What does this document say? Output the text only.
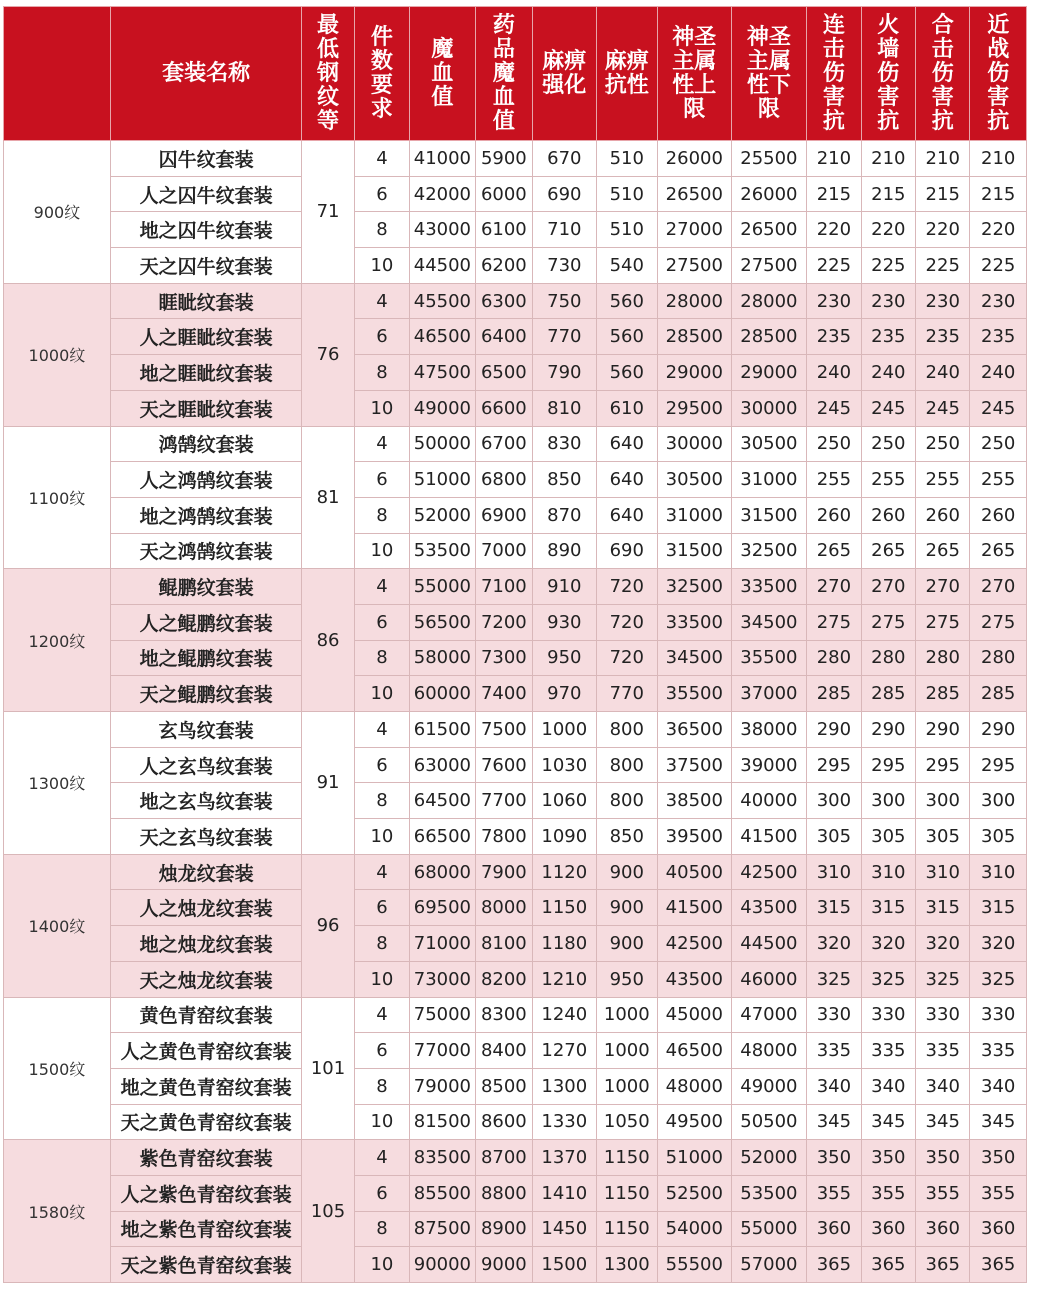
	套装名称	最低钢纹等	件数要求	魔血值	药品魔血值	麻痹强化	麻痹抗性	神圣主属性上限	神圣主属性下限	连击伤害抗	火墙伤害抗	合击伤害抗	近战伤害抗
900纹	囚牛纹套装	71	4	41000	5900	670	510	26000	25500	210	210	210	210
	人之囚牛纹套装		6	42000	6000	690	510	26500	26000	215	215	215	215
	地之囚牛纹套装		8	43000	6100	710	510	27000	26500	220	220	220	220
	天之囚牛纹套装		10	44500	6200	730	540	27500	27500	225	225	225	225
1000纹	睚眦纹套装	76	4	45500	6300	750	560	28000	28000	230	230	230	230
	人之睚眦纹套装		6	46500	6400	770	560	28500	28500	235	235	235	235
	地之睚眦纹套装		8	47500	6500	790	560	29000	29000	240	240	240	240
	天之睚眦纹套装		10	49000	6600	810	610	29500	30000	245	245	245	245
1100纹	鸿鹄纹套装	81	4	50000	6700	830	640	30000	30500	250	250	250	250
	人之鸿鹄纹套装		6	51000	6800	850	640	30500	31000	255	255	255	255
	地之鸿鹄纹套装		8	52000	6900	870	640	31000	31500	260	260	260	260
	天之鸿鹄纹套装		10	53500	7000	890	690	31500	32500	265	265	265	265
1200纹	鲲鹏纹套装	86	4	55000	7100	910	720	32500	33500	270	270	270	270
	人之鲲鹏纹套装		6	56500	7200	930	720	33500	34500	275	275	275	275
	地之鲲鹏纹套装		8	58000	7300	950	720	34500	35500	280	280	280	280
	天之鲲鹏纹套装		10	60000	7400	970	770	35500	37000	285	285	285	285
1300纹	玄鸟纹套装	91	4	61500	7500	1000	800	36500	38000	290	290	290	290
	人之玄鸟纹套装		6	63000	7600	1030	800	37500	39000	295	295	295	295
	地之玄鸟纹套装		8	64500	7700	1060	800	38500	40000	300	300	300	300
	天之玄鸟纹套装		10	66500	7800	1090	850	39500	41500	305	305	305	305
1400纹	烛龙纹套装	96	4	68000	7900	1120	900	40500	42500	310	310	310	310
	人之烛龙纹套装		6	69500	8000	1150	900	41500	43500	315	315	315	315
	地之烛龙纹套装		8	71000	8100	1180	900	42500	44500	320	320	320	320
	天之烛龙纹套装		10	73000	8200	1210	950	43500	46000	325	325	325	325
1500纹	黄色青窑纹套装	101	4	75000	8300	1240	1000	45000	47000	330	330	330	330
	人之黄色青窑纹套装		6	77000	8400	1270	1000	46500	48000	335	335	335	335
	地之黄色青窑纹套装		8	79000	8500	1300	1000	48000	49000	340	340	340	340
	天之黄色青窑纹套装		10	81500	8600	1330	1050	49500	50500	345	345	345	345
1580纹	紫色青窑纹套装	105	4	83500	8700	1370	1150	51000	52000	350	350	350	350
	人之紫色青窑纹套装		6	85500	8800	1410	1150	52500	53500	355	355	355	355
	地之紫色青窑纹套装		8	87500	8900	1450	1150	54000	55000	360	360	360	360
	天之紫色青窑纹套装		10	90000	9000	1500	1300	55500	57000	365	365	365	365
